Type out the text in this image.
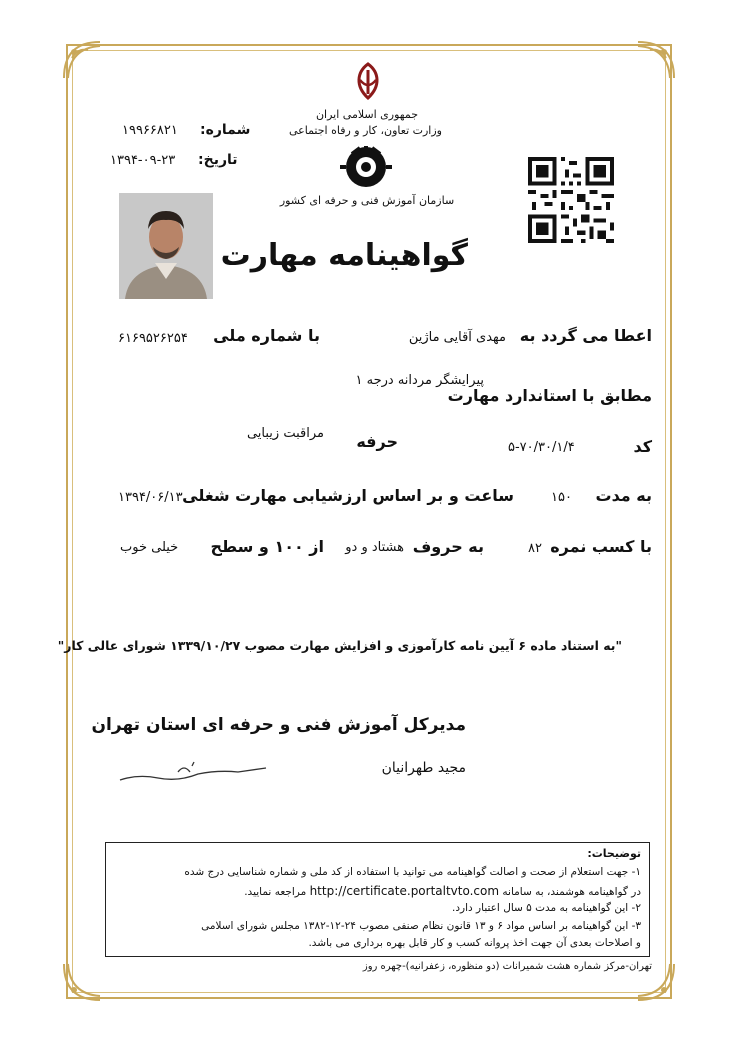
شماره:
۱۹۹۶۶۸۲۱
تاریخ:
۱۳۹۴-۰۹-۲۳
جمهوری اسلامی ایران
وزارت تعاون، کار و رفاه اجتماعی
سازمان آموزش فنی و حرفه ای کشور
گواهینامه مهارت
اعطا می گردد به
مهدی آقایی ماژین
با شماره ملی
۶۱۶۹۵۲۶۲۵۴
مطابق با استاندارد مهارت
پیرایشگر مردانه درجه ۱
کد
۵-۷۰/۳۰/۱/۴
حرفه
مراقبت زیبایی
به مدت
۱۵۰
ساعت و بر اساس ارزشیابی مهارت شغلی
۱۳۹۴/۰۶/۱۳
با کسب نمره
۸۲
به حروف
هشتاد و دو
از ۱۰۰ و سطح
خیلی خوب
"به استناد ماده ۶ آیین نامه کارآموزی و افزایش مهارت مصوب ۱۳۳۹/۱۰/۲۷ شورای عالی کار"
مدیرکل آموزش فنی و حرفه ای استان تهران
مجید طهرانیان
توضیحات:
۱- جهت استعلام از صحت و اصالت گواهینامه می توانید با استفاده از کد ملی و شماره شناسایی درج شده
در گواهینامه هوشمند، به سامانه http://certificate.portaltvto.com مراجعه نمایید.
۲- این گواهینامه به مدت ۵ سال اعتبار دارد.
۳- این گواهینامه بر اساس مواد ۶ و ۱۳ قانون نظام صنفی مصوب ۲۴-۱۲-۱۳۸۲ مجلس شورای اسلامی
و اصلاحات بعدی آن جهت اخذ پروانه کسب و کار قابل بهره برداری می باشد.
تهران-مرکز شماره هشت شمیرانات (دو منظوره، زعفرانیه)-چهره روز
